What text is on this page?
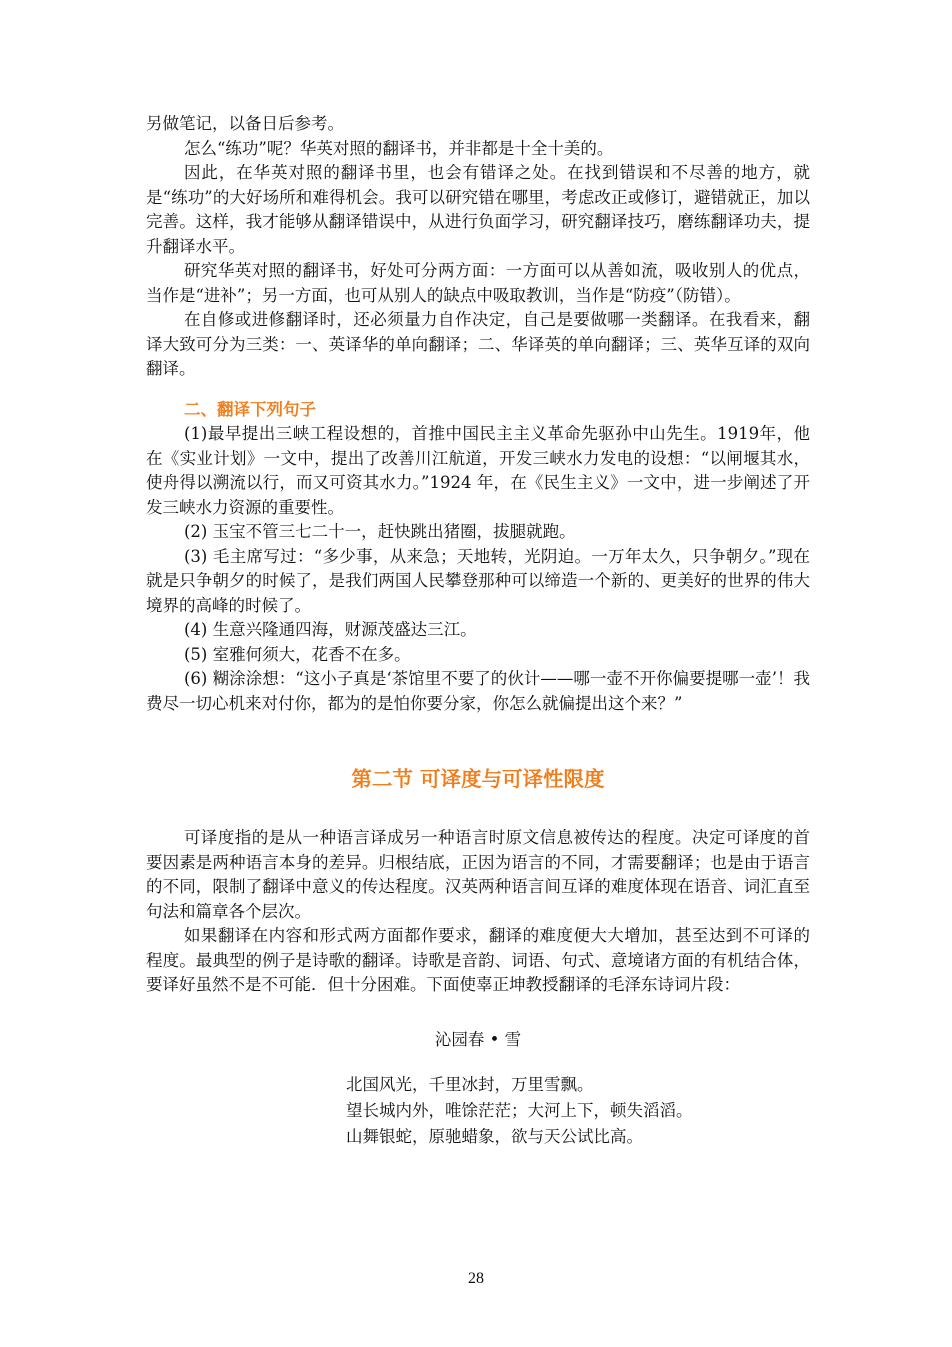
另做笔记，以备日后参考。

怎么“练功”呢？华英对照的翻译书，并非都是十全十美的。

因此，在华英对照的翻译书里，也会有错译之处。在找到错误和不尽善的地方，就是“练功”的大好场所和难得机会。我可以研究错在哪里，考虑改正或修订，避错就正，加以完善。这样，我才能够从翻译错误中，从进行负面学习，研究翻译技巧，磨练翻译功夫，提升翻译水平。

研究华英对照的翻译书，好处可分两方面：一方面可以从善如流，吸收别人的优点，当作是“进补”；另一方面，也可从别人的缺点中吸取教训，当作是“防疫”（防错）。

在自修或进修翻译时，还必须量力自作决定，自己是要做哪一类翻译。在我看来，翻译大致可分为三类：一、英译华的单向翻译；二、华译英的单向翻译；三、英华互译的双向翻译。

二、翻译下列句子

(1)最早提出三峡工程设想的，首推中国民主主义革命先驱孙中山先生。1919年，他在《实业计划》一文中，提出了改善川江航道，开发三峡水力发电的设想：“以闸堰其水，使舟得以溯流以行，而又可资其水力。”1924 年，在《民生主义》一文中，进一步阐述了开发三峡水力资源的重要性。

(2) 玉宝不管三七二十一，赶快跳出猪圈，拔腿就跑。

(3) 毛主席写过：“多少事，从来急；天地转，光阴迫。一万年太久，只争朝夕。”现在就是只争朝夕的时候了，是我们两国人民攀登那种可以缔造一个新的、更美好的世界的伟大境界的高峰的时候了。

(4) 生意兴隆通四海，财源茂盛达三江。

(5) 室雅何须大，花香不在多。

(6) 糊涂涂想：“这小子真是‘茶馆里不要了的伙计——哪一壶不开你偏要提哪一壶’！我费尽一切心机来对付你，都为的是怕你要分家，你怎么就偏提出这个来？”

第二节 可译度与可译性限度

可译度指的是从一种语言译成另一种语言时原文信息被传达的程度。决定可译度的首要因素是两种语言本身的差异。归根结底，正因为语言的不同，才需要翻译；也是由于语言的不同，限制了翻译中意义的传达程度。汉英两种语言间互译的难度体现在语音、词汇直至句法和篇章各个层次。

如果翻译在内容和形式两方面都作要求，翻译的难度便大大增加，甚至达到不可译的程度。最典型的例子是诗歌的翻译。诗歌是音韵、词语、句式、意境诸方面的有机结合体，要译好虽然不是不可能．但十分困难。下面使辜正坤教授翻译的毛泽东诗词片段：

沁园春 • 雪
北国风光，千里冰封，万里雪飘。
望长城内外，唯馀茫茫；大河上下，顿失滔滔。
山舞银蛇，原驰蜡象，欲与天公试比高。
28
